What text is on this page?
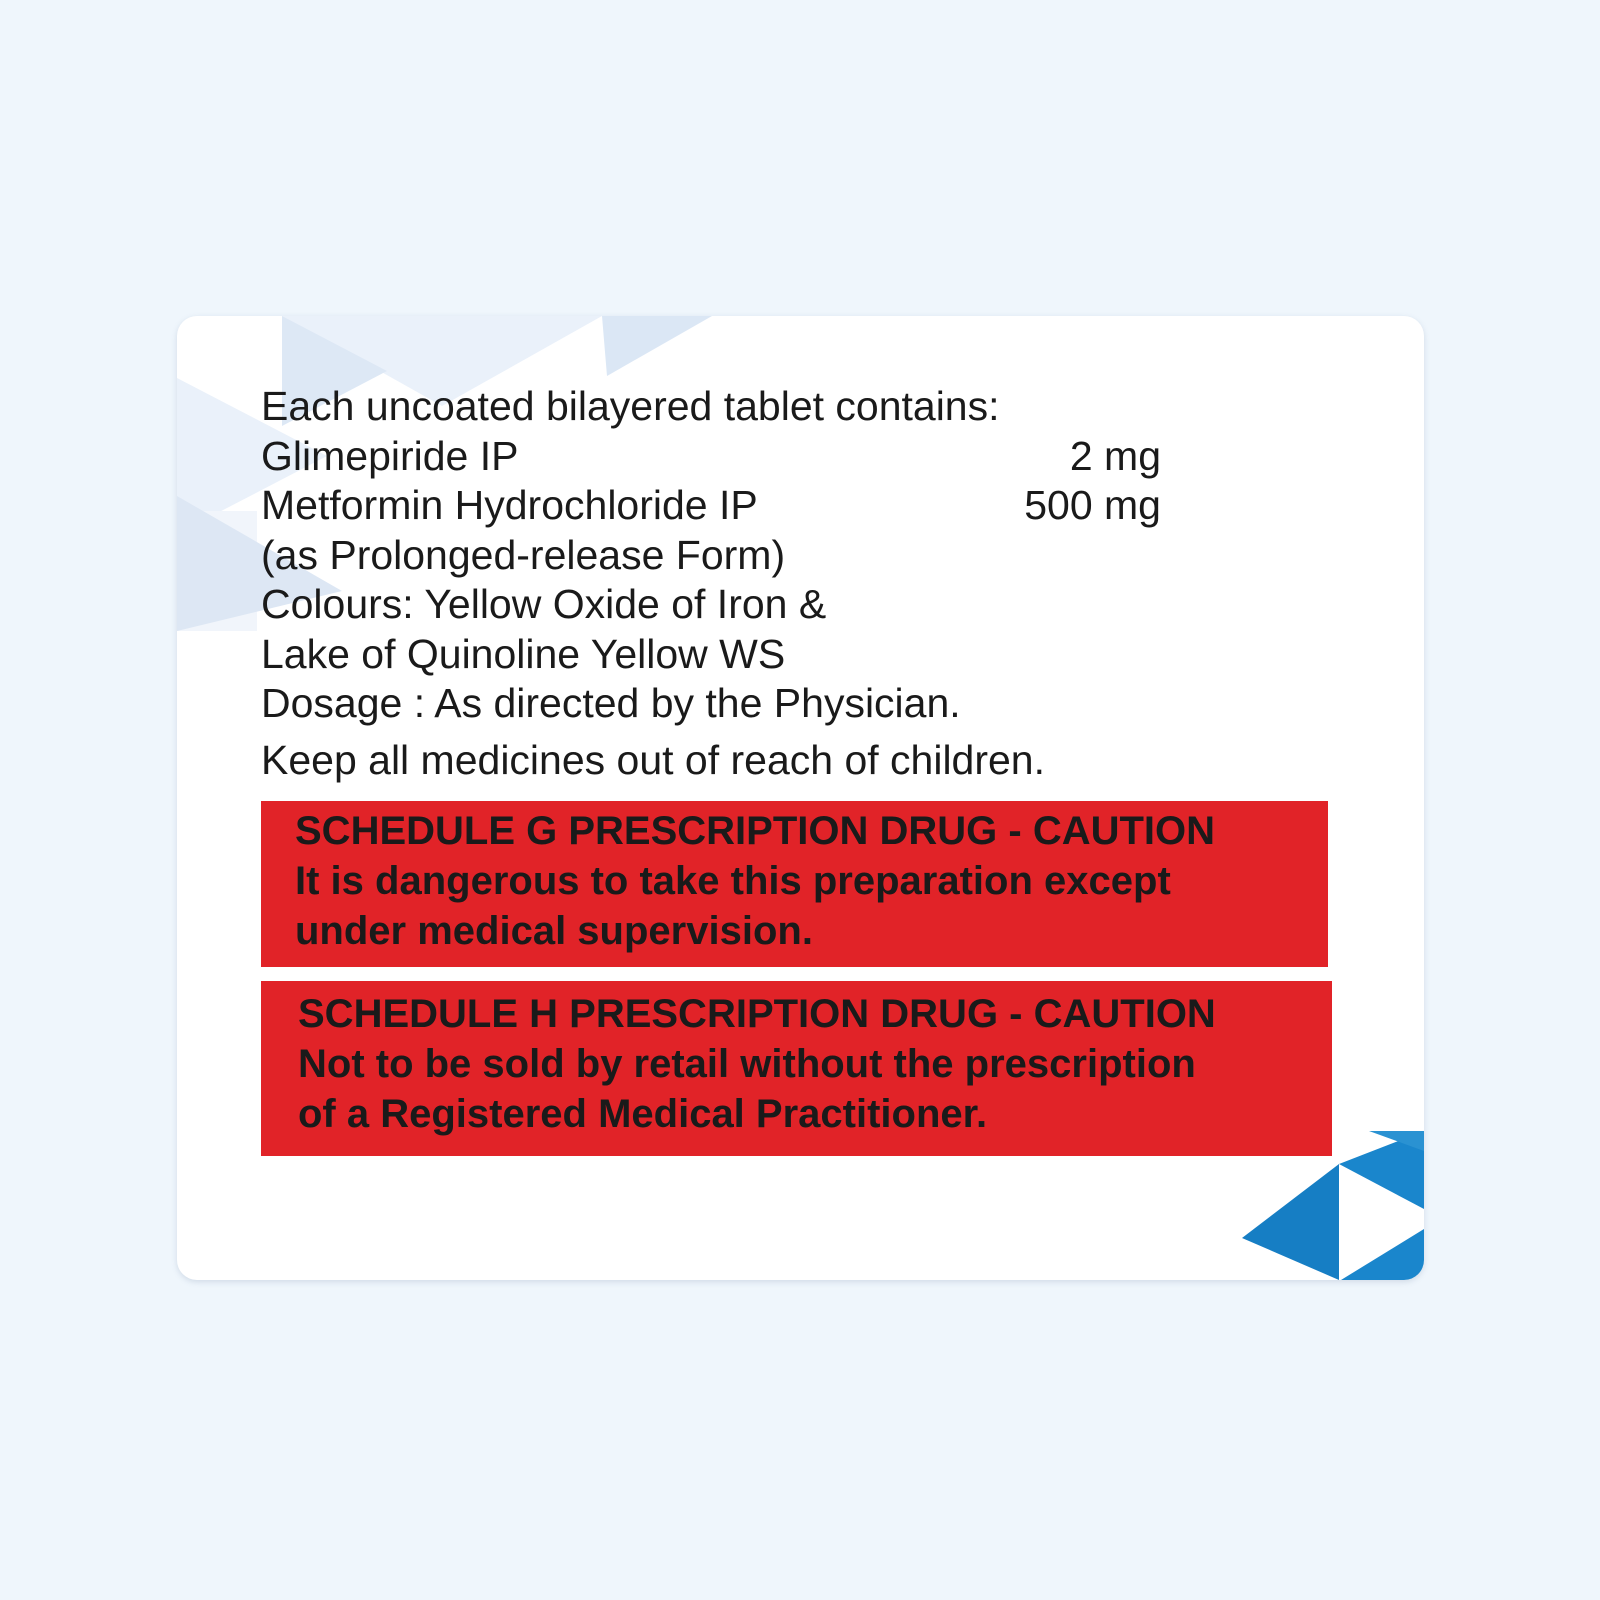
Each uncoated bilayered tablet contains:
Glimepiride IP	2 mg
Metformin Hydrochloride IP	500 mg
(as Prolonged-release Form)
Colours: Yellow Oxide of Iron &
Lake of Quinoline Yellow WS
Dosage : As directed by the Physician.
Keep all medicines out of reach of children.
SCHEDULE G PRESCRIPTION DRUG - CAUTION
It is dangerous to take this preparation except
under medical supervision.
SCHEDULE H PRESCRIPTION DRUG - CAUTION
Not to be sold by retail without the prescription
of a Registered Medical Practitioner.
